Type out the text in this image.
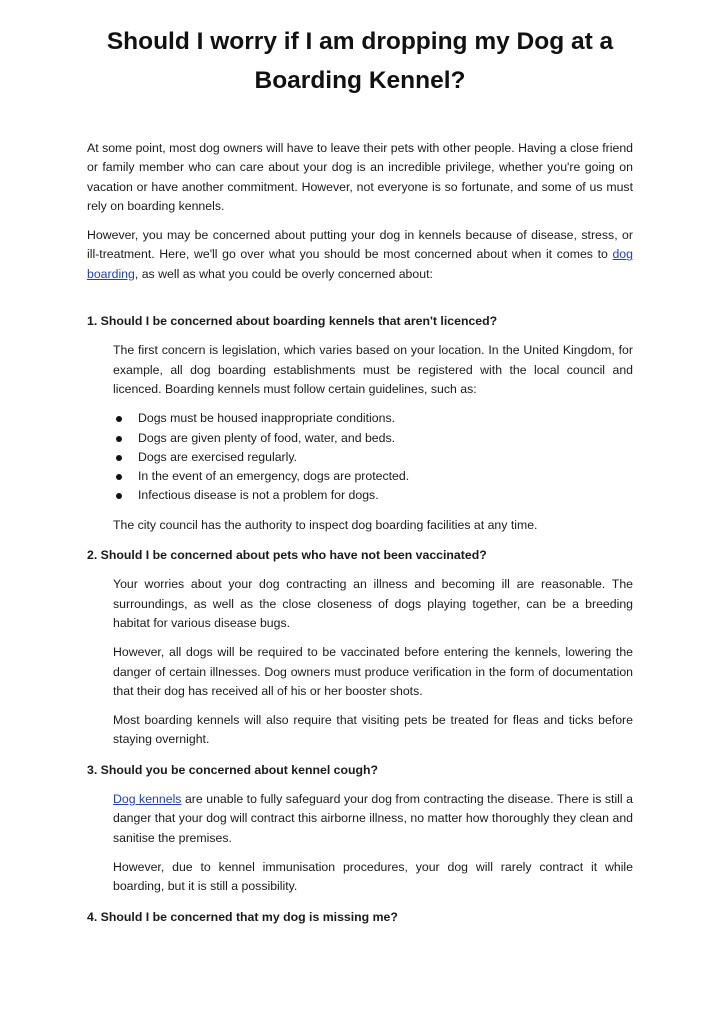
Should I worry if I am dropping my Dog at a Boarding Kennel?

At some point, most dog owners will have to leave their pets with other people. Having a close friend or family member who can care about your dog is an incredible privilege, whether you're going on vacation or have another commitment. However, not everyone is so fortunate, and some of us must rely on boarding kennels.

However, you may be concerned about putting your dog in kennels because of disease, stress, or ill-treatment. Here, we'll go over what you should be most concerned about when it comes to dog boarding, as well as what you could be overly concerned about:

1. Should I be concerned about boarding kennels that aren't licenced?

The first concern is legislation, which varies based on your location. In the United Kingdom, for example, all dog boarding establishments must be registered with the local council and licenced. Boarding kennels must follow certain guidelines, such as:

Dogs must be housed inappropriate conditions.
Dogs are given plenty of food, water, and beds.
Dogs are exercised regularly.
In the event of an emergency, dogs are protected.
Infectious disease is not a problem for dogs.

The city council has the authority to inspect dog boarding facilities at any time.

2. Should I be concerned about pets who have not been vaccinated?

Your worries about your dog contracting an illness and becoming ill are reasonable. The surroundings, as well as the close closeness of dogs playing together, can be a breeding habitat for various disease bugs.

However, all dogs will be required to be vaccinated before entering the kennels, lowering the danger of certain illnesses. Dog owners must produce verification in the form of documentation that their dog has received all of his or her booster shots.

Most boarding kennels will also require that visiting pets be treated for fleas and ticks before staying overnight.

3. Should you be concerned about kennel cough?

Dog kennels are unable to fully safeguard your dog from contracting the disease. There is still a danger that your dog will contract this airborne illness, no matter how thoroughly they clean and sanitise the premises.

However, due to kennel immunisation procedures, your dog will rarely contract it while boarding, but it is still a possibility.

4. Should I be concerned that my dog is missing me?
